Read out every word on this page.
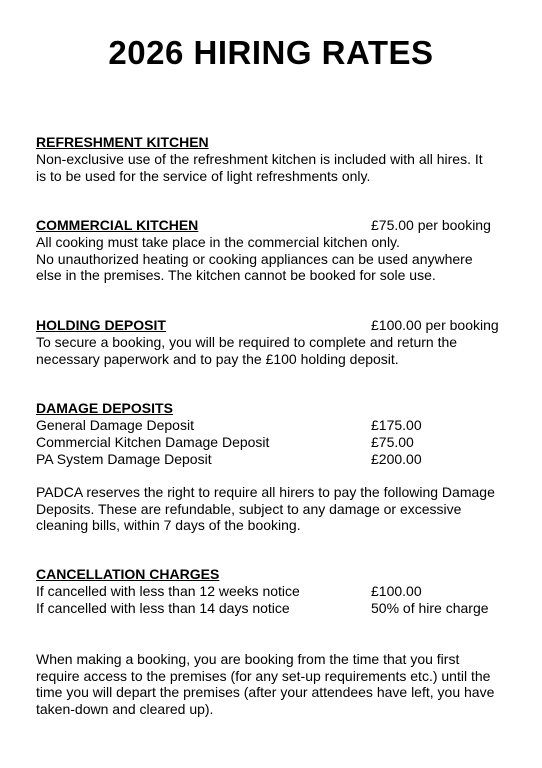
2026 HIRING RATES
REFRESHMENT KITCHEN
Non-exclusive use of the refreshment kitchen is included with all hires. It
is to be used for the service of light refreshments only.
COMMERCIAL KITCHEN	£75.00 per booking
All cooking must take place in the commercial kitchen only.
No unauthorized heating or cooking appliances can be used anywhere
else in the premises. The kitchen cannot be booked for sole use.
HOLDING DEPOSIT	£100.00 per booking
To secure a booking, you will be required to complete and return the
necessary paperwork and to pay the £100 holding deposit.
DAMAGE DEPOSITS
General Damage Deposit	£175.00
Commercial Kitchen Damage Deposit	£75.00
PA System Damage Deposit	£200.00
PADCA reserves the right to require all hirers to pay the following Damage
Deposits. These are refundable, subject to any damage or excessive
cleaning bills, within 7 days of the booking.
CANCELLATION CHARGES
If cancelled with less than 12 weeks notice	£100.00
If cancelled with less than 14 days notice	50% of hire charge
When making a booking, you are booking from the time that you first
require access to the premises (for any set-up requirements etc.) until the
time you will depart the premises (after your attendees have left, you have
taken-down and cleared up).
